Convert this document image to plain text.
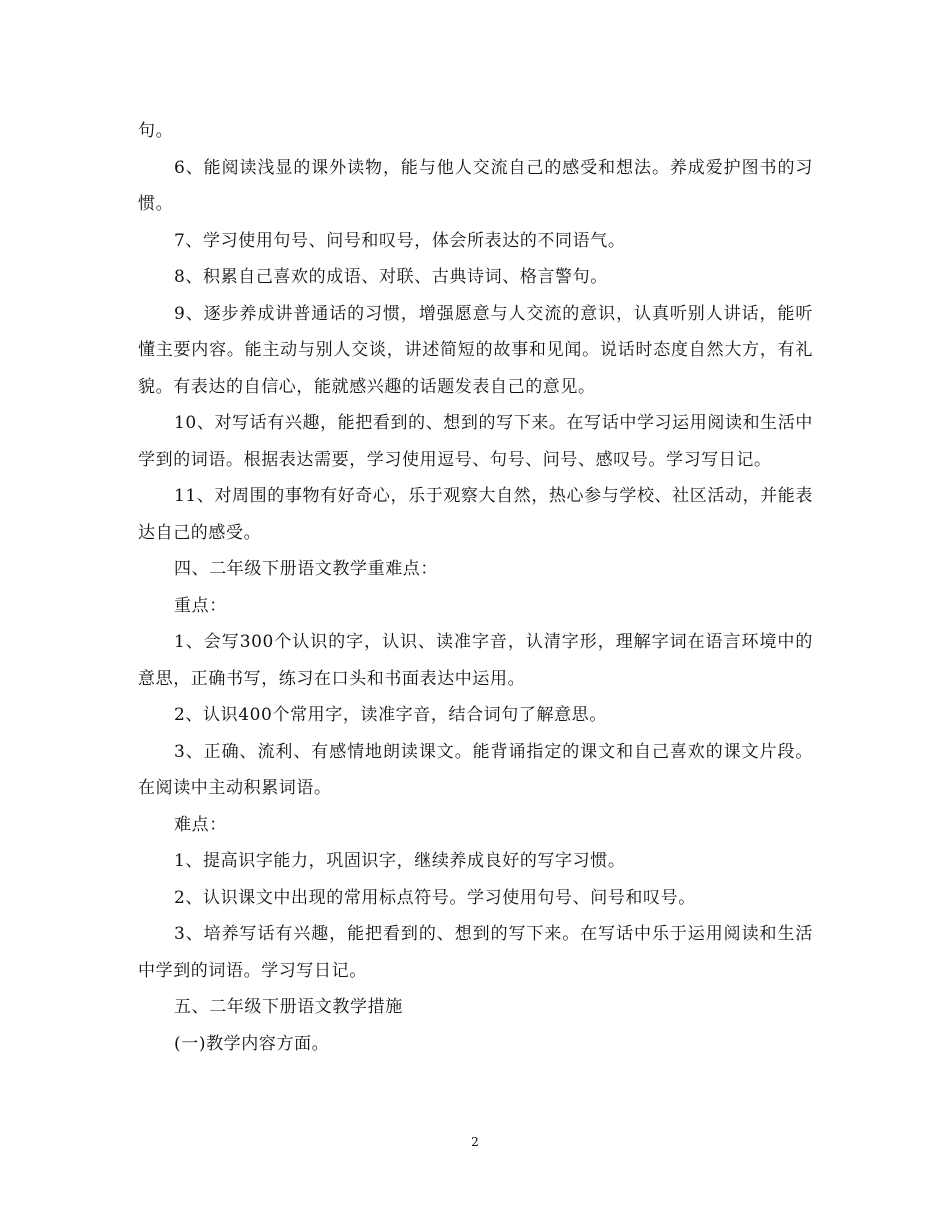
句。

6、能阅读浅显的课外读物，能与他人交流自己的感受和想法。养成爱护图书的习惯。

7、学习使用句号、问号和叹号，体会所表达的不同语气。

8、积累自己喜欢的成语、对联、古典诗词、格言警句。

9、逐步养成讲普通话的习惯，增强愿意与人交流的意识，认真听别人讲话，能听懂主要内容。能主动与别人交谈，讲述简短的故事和见闻。说话时态度自然大方，有礼貌。有表达的自信心，能就感兴趣的话题发表自己的意见。

10、对写话有兴趣，能把看到的、想到的写下来。在写话中学习运用阅读和生活中学到的词语。根据表达需要，学习使用逗号、句号、问号、感叹号。学习写日记。

11、对周围的事物有好奇心，乐于观察大自然，热心参与学校、社区活动，并能表达自己的感受。

四、二年级下册语文教学重难点：

重点：

1、会写300个认识的字，认识、读准字音，认清字形，理解字词在语言环境中的意思，正确书写，练习在口头和书面表达中运用。

2、认识400个常用字，读准字音，结合词句了解意思。

3、正确、流利、有感情地朗读课文。能背诵指定的课文和自己喜欢的课文片段。在阅读中主动积累词语。

难点：

1、提高识字能力，巩固识字，继续养成良好的写字习惯。

2、认识课文中出现的常用标点符号。学习使用句号、问号和叹号。

3、培养写话有兴趣，能把看到的、想到的写下来。在写话中乐于运用阅读和生活中学到的词语。学习写日记。

五、二年级下册语文教学措施

(一)教学内容方面。

2
